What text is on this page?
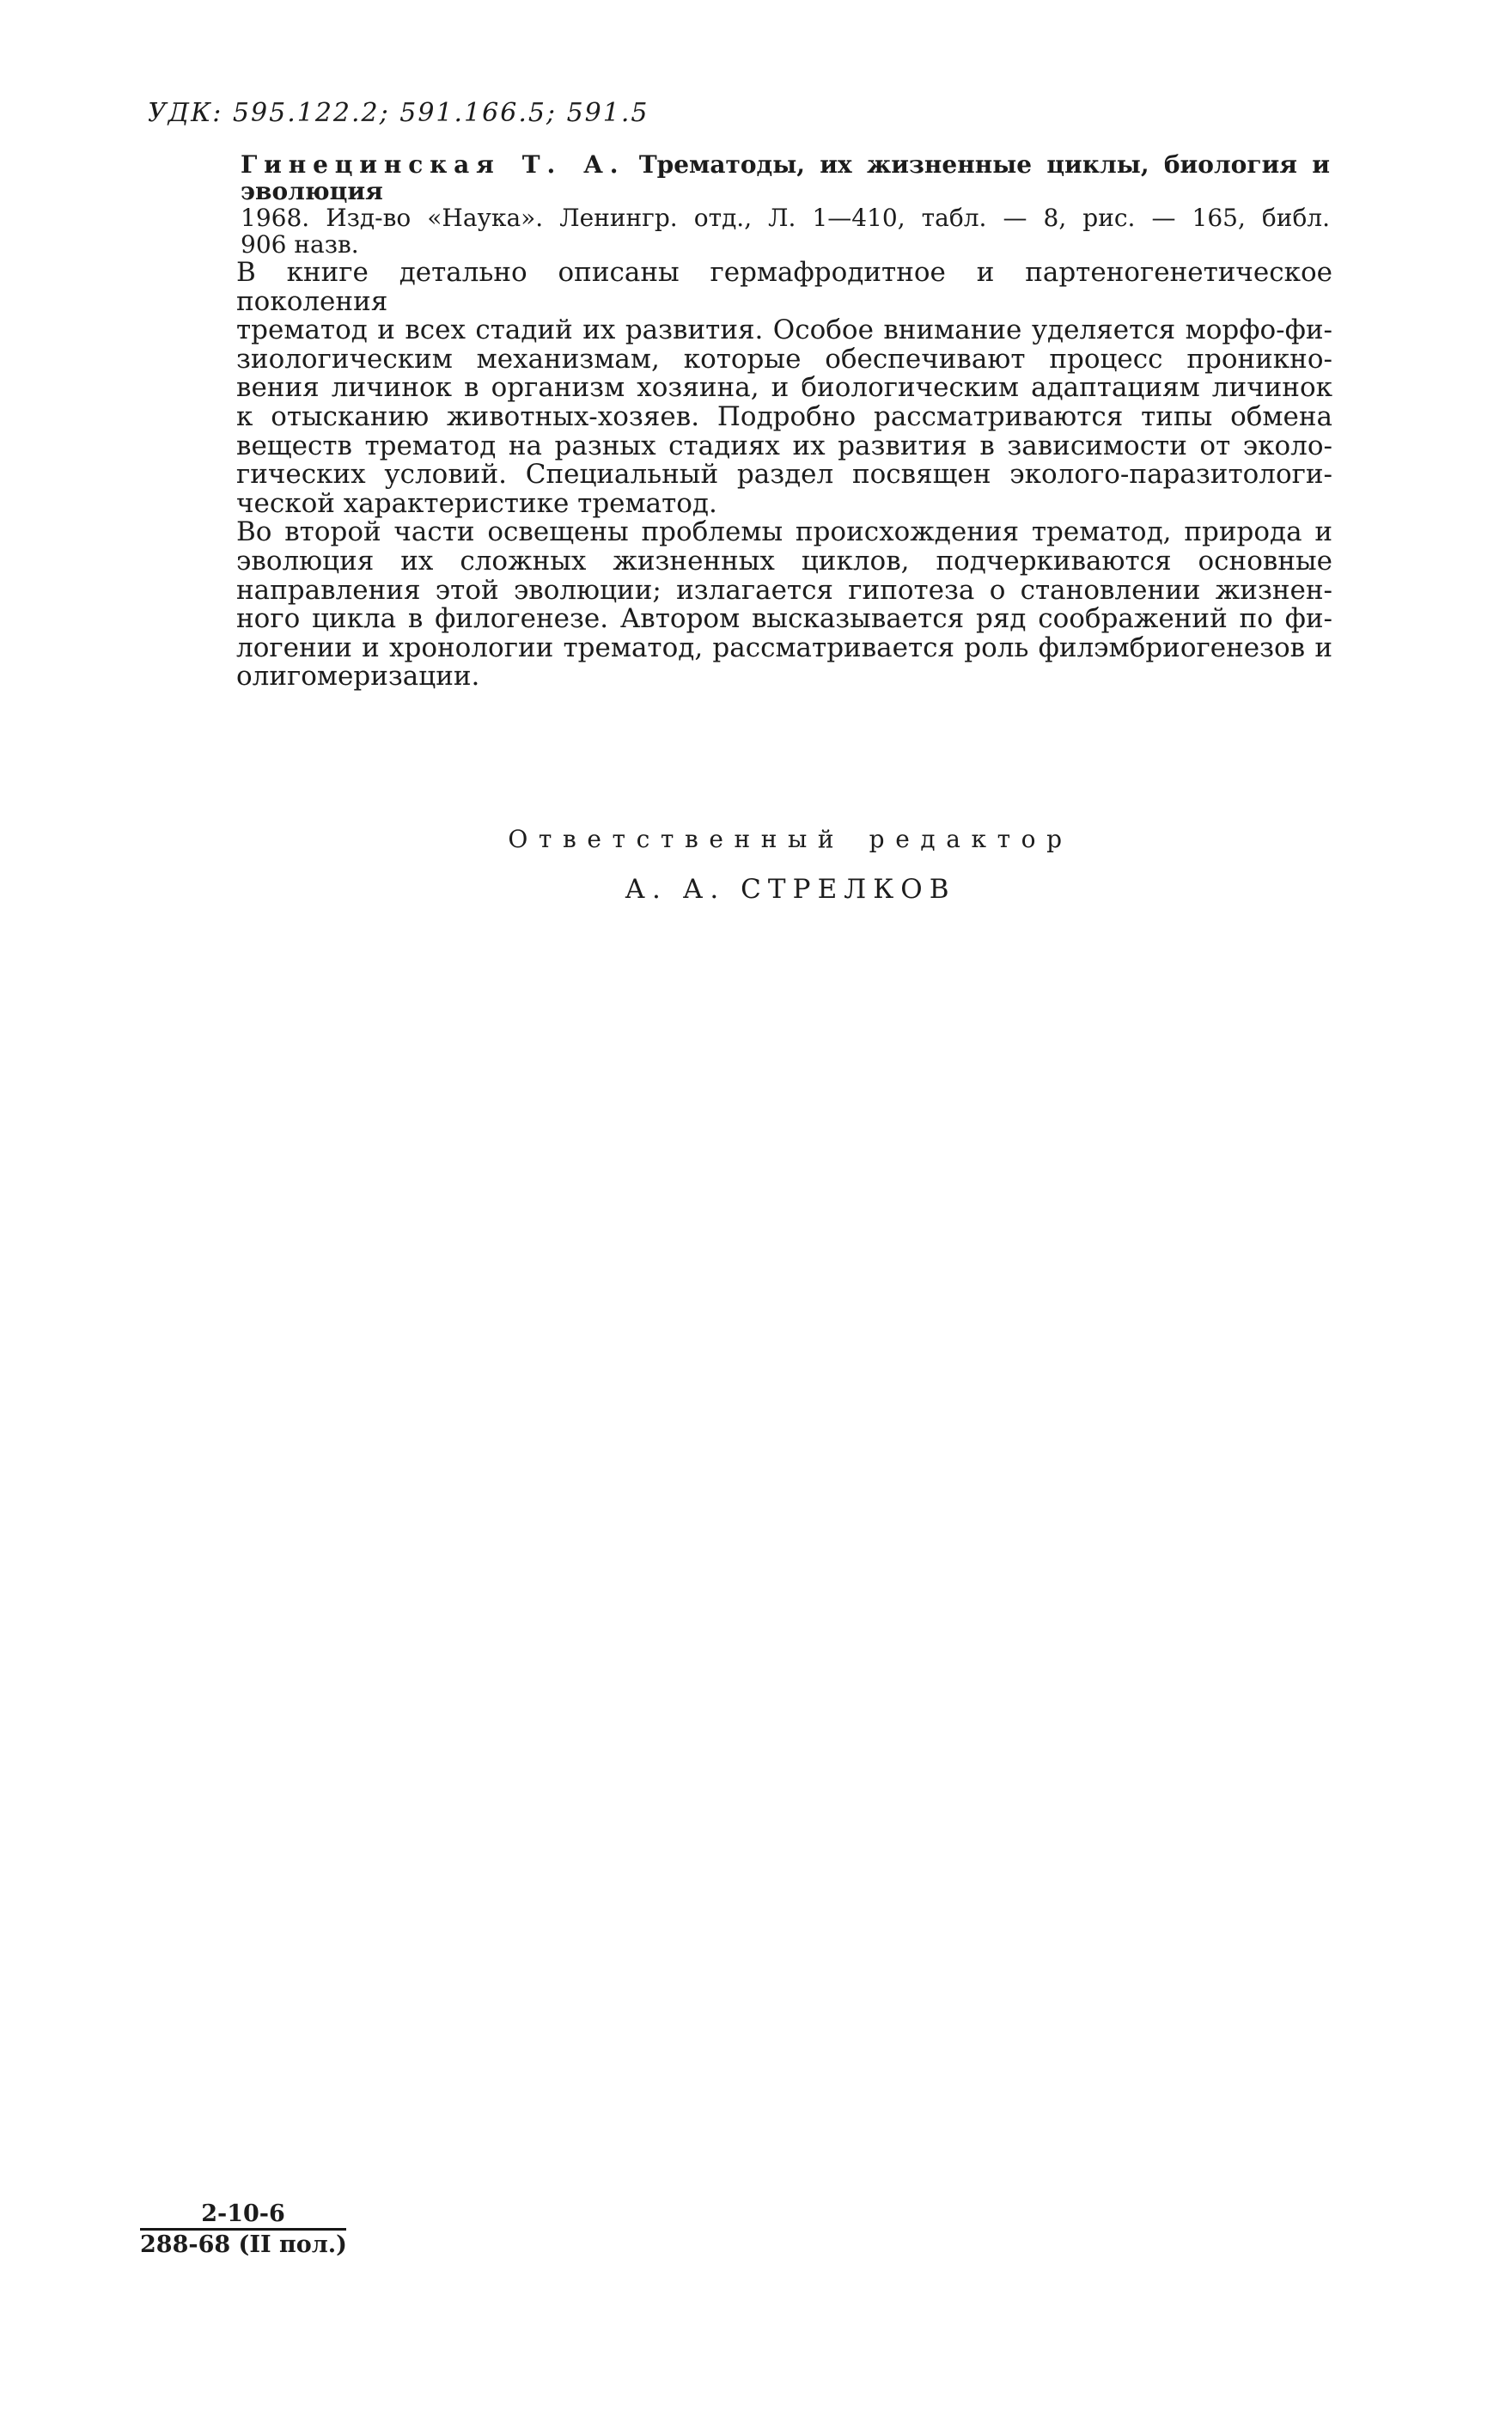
УДК: 595.122.2; 591.166.5; 591.5
Гинецинская Т. А. Трематоды, их жизненные циклы, биология и эволюция
1968. Изд-во «Наука». Ленингр. отд., Л. 1—410, табл. — 8, рис. — 165, библ.
906 назв.
В книге детально описаны гермафродитное и партеногенетическое поколения
трематод и всех стадий их развития. Особое внимание уделяется морфо-фи-
зиологическим механизмам, которые обеспечивают процесс проникно-
вения личинок в организм хозяина, и биологическим адаптациям личинок
к отысканию животных-хозяев. Подробно рассматриваются типы обмена
веществ трематод на разных стадиях их развития в зависимости от эколо-
гических условий. Специальный раздел посвящен эколого-паразитологи-
ческой характеристике трематод.
Во второй части освещены проблемы происхождения трематод, природа и
эволюция их сложных жизненных циклов, подчеркиваются основные
направления этой эволюции; излагается гипотеза о становлении жизнен-
ного цикла в филогенезе. Автором высказывается ряд соображений по фи-
логении и хронологии трематод, рассматривается роль филэмбриогенезов и
олигомеризации.
Ответственный редактор
А. А. СТРЕЛКОВ
2-10-6
288-68 (II пол.)
